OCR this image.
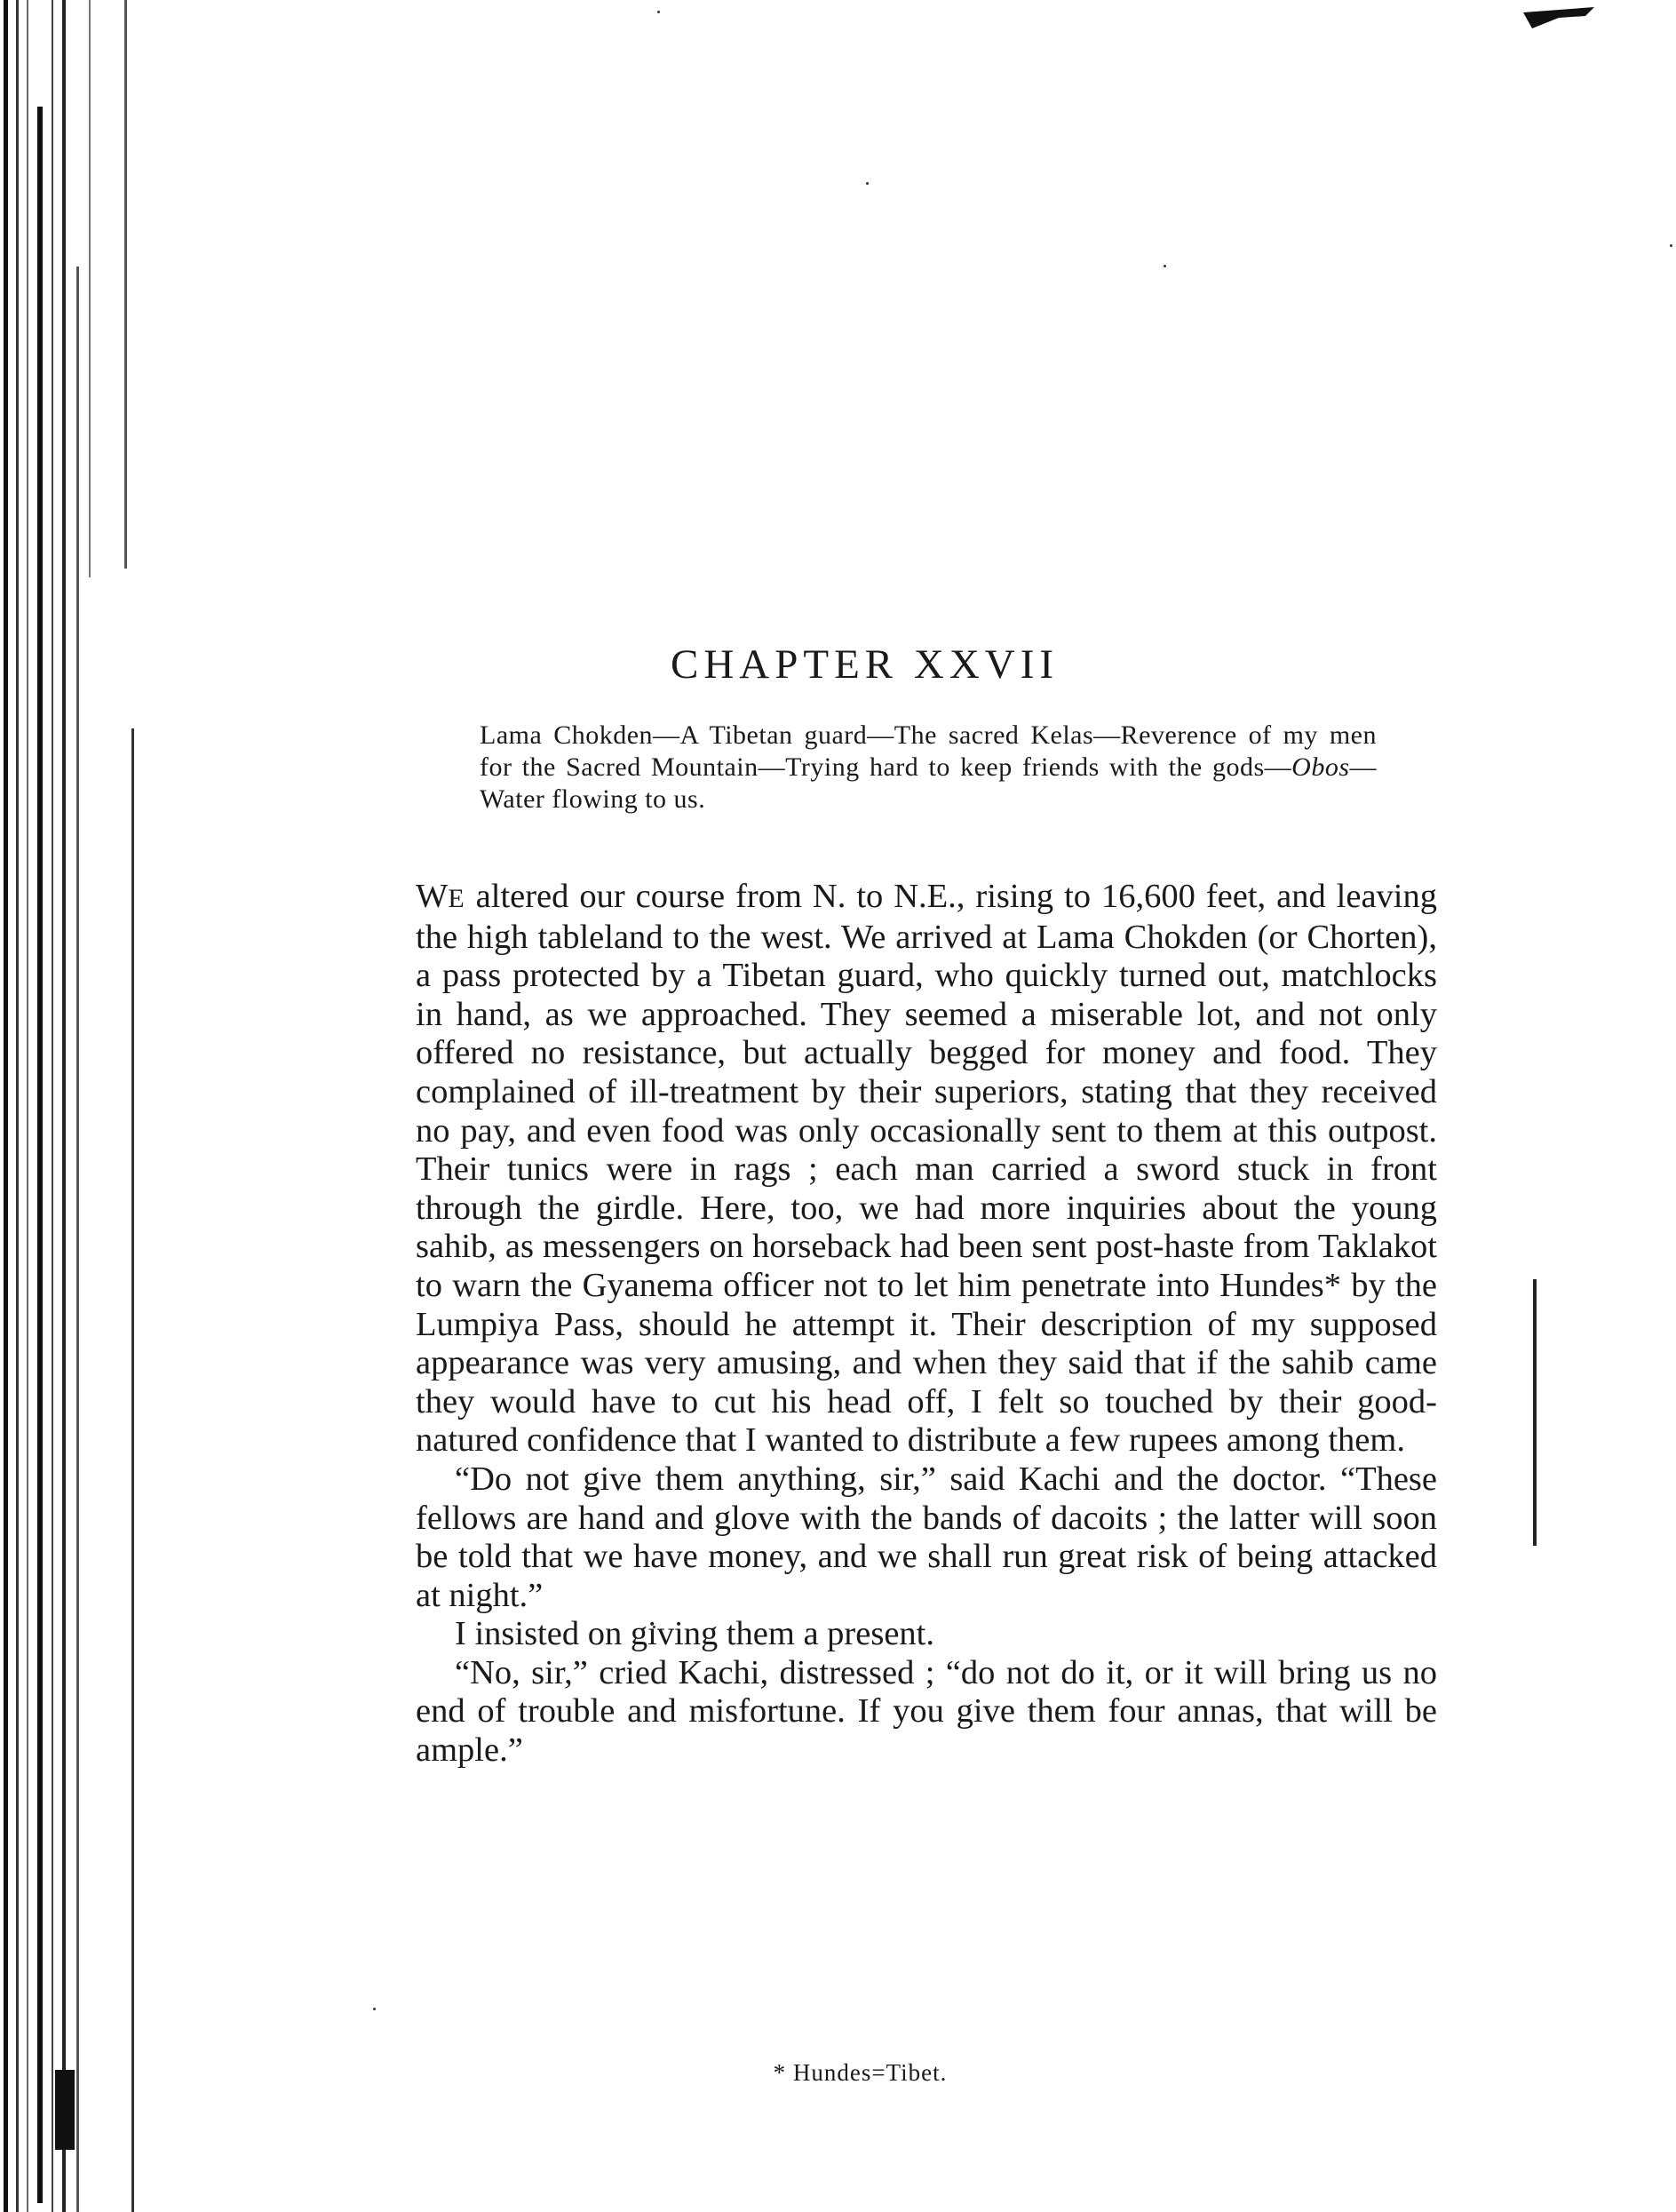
CHAPTER XXVII
Lama Chokden—A Tibetan guard—The sacred Kelas—Reverence of my men for the Sacred Mountain—Trying hard to keep friends with the gods—Obos—Water flowing to us.

WE altered our course from N. to N.E., rising to 16,600 feet, and leaving the high tableland to the west. We arrived at Lama Chokden (or Chorten), a pass protected by a Tibetan guard, who quickly turned out, matchlocks in hand, as we approached. They seemed a miserable lot, and not only offered no resistance, but actually begged for money and food. They complained of ill-treatment by their superiors, stating that they received no pay, and even food was only occasionally sent to them at this outpost. Their tunics were in rags ; each man carried a sword stuck in front through the girdle. Here, too, we had more inquiries about the young sahib, as messengers on horseback had been sent post-haste from Taklakot to warn the Gyanema officer not to let him penetrate into Hundes* by the Lumpiya Pass, should he attempt it. Their description of my supposed appearance was very amusing, and when they said that if the sahib came they would have to cut his head off, I felt so touched by their good-natured confidence that I wanted to distribute a few rupees among them.

“Do not give them anything, sir,” said Kachi and the doctor. “These fellows are hand and glove with the bands of dacoits ; the latter will soon be told that we have money, and we shall run great risk of being attacked at night.”

I insisted on giving them a present.

“No, sir,” cried Kachi, distressed ; “do not do it, or it will bring us no end of trouble and misfortune. If you give them four annas, that will be ample.”

* Hundes=Tibet.
